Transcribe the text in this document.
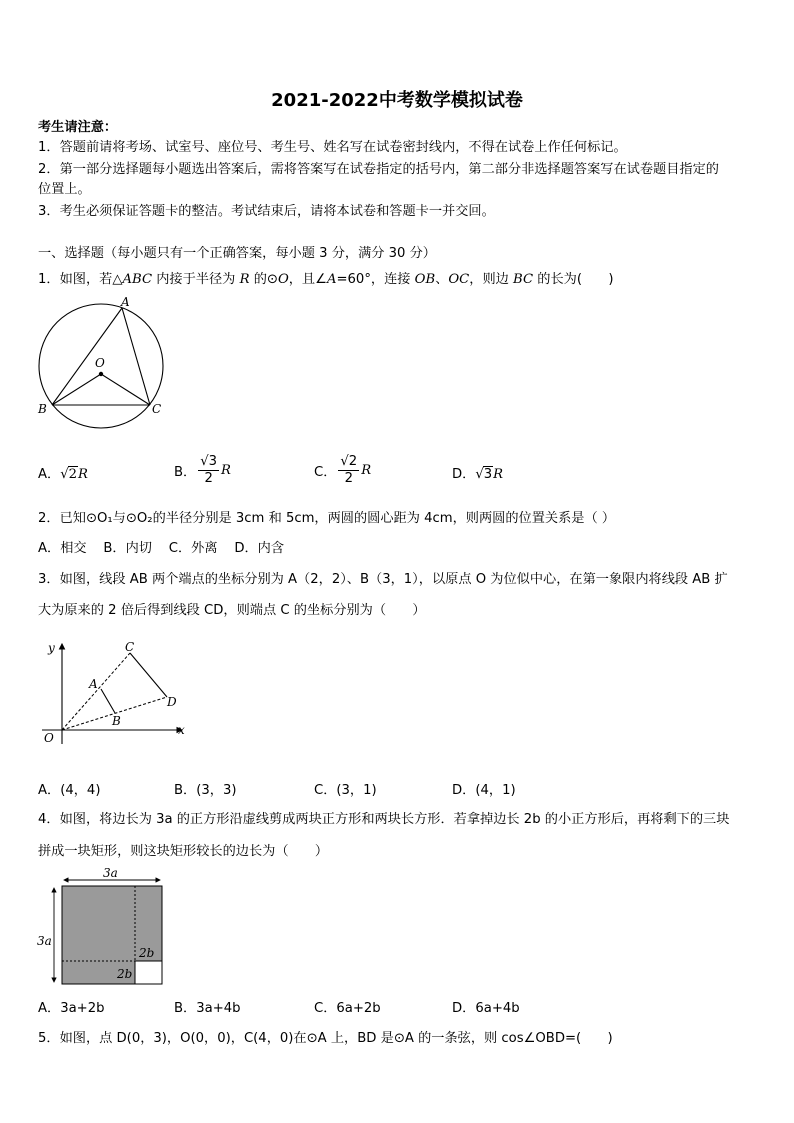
2021-2022中考数学模拟试卷
考生请注意：
1．答题前请将考场、试室号、座位号、考生号、姓名写在试卷密封线内，不得在试卷上作任何标记。
2．第一部分选择题每小题选出答案后，需将答案写在试卷指定的括号内，第二部分非选择题答案写在试卷题目指定的
位置上。
3．考生必须保证答题卡的整洁。考试结束后，请将本试卷和答题卡一并交回。
一、选择题（每小题只有一个正确答案，每小题 3 分，满分 30 分）
1．如图，若△ABC 内接于半径为 R 的⊙O，且∠A=60°，连接 OB、OC，则边 BC 的长为(　　)
A
O
B	C
A．√2R	B． $\frac{√3}{2}$ R	C． $\frac{√2}{2}$ R	D．√3R
2．已知⊙O₁与⊙O₂的半径分别是 3cm 和 5cm，两圆的圆心距为 4cm，则两圆的位置关系是（ ）
A．相交 B．内切 C．外离 D．内含
3．如图，线段 AB 两个端点的坐标分别为 A（2，2）、B（3，1），以原点 O 为位似中心，在第一象限内将线段 AB 扩
大为原来的 2 倍后得到线段 CD，则端点 C 的坐标分别为（　　）
y
x
O
A
B
C
D
A．(4，4)	B．(3，3)	C．(3，1)	D．(4，1)
4．如图，将边长为 3a 的正方形沿虚线剪成两块正方形和两块长方形．若拿掉边长 2b 的小正方形后，再将剩下的三块
拼成一块矩形，则这块矩形较长的边长为（　　）
3a
3a
2b
2b
A．3a+2b	B．3a+4b	C．6a+2b	D．6a+4b
5．如图，点 D(0，3)，O(0，0)，C(4，0)在⊙A 上，BD 是⊙A 的一条弦，则 cos∠OBD=(　　)
